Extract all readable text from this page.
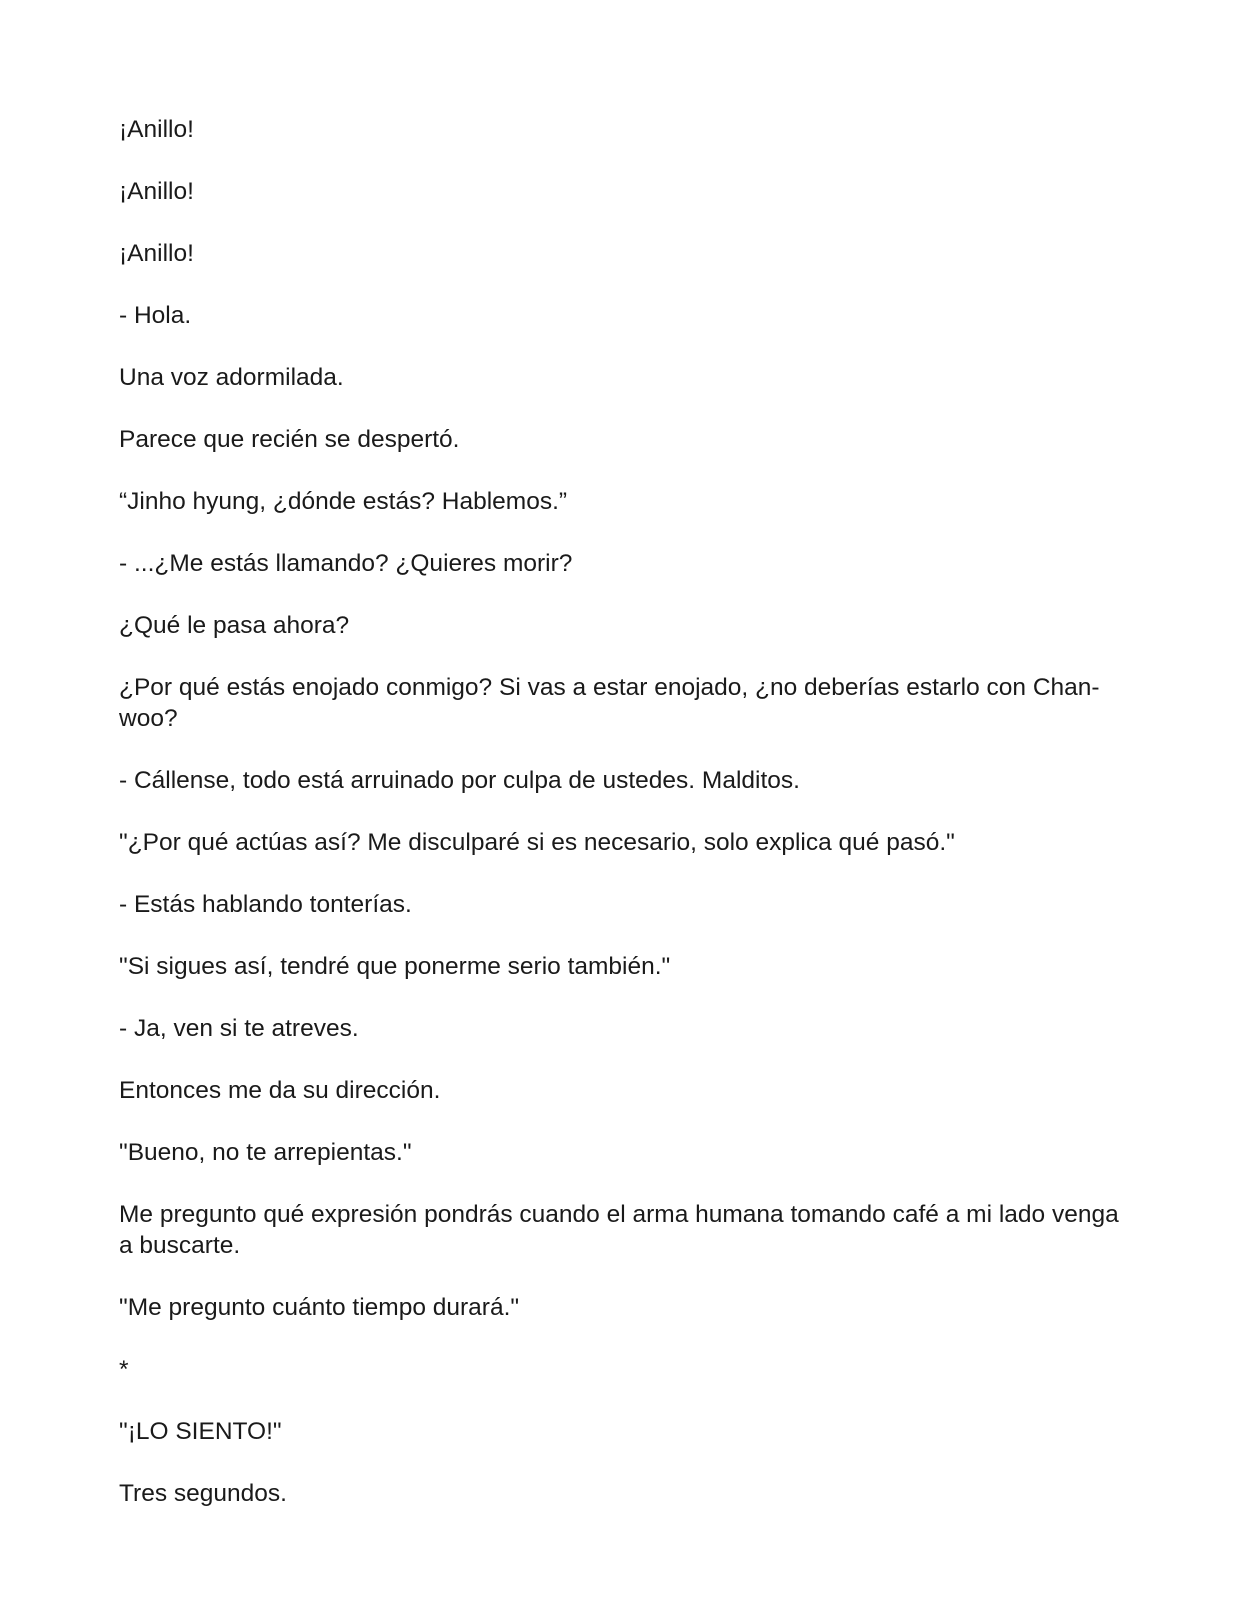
¡Anillo!

¡Anillo!

¡Anillo!

- Hola.

Una voz adormilada.

Parece que recién se despertó.

“Jinho hyung, ¿dónde estás? Hablemos.”

- ...¿Me estás llamando? ¿Quieres morir?

¿Qué le pasa ahora?

¿Por qué estás enojado conmigo? Si vas a estar enojado, ¿no deberías estarlo con Chan-woo?

- Cállense, todo está arruinado por culpa de ustedes. Malditos.

"¿Por qué actúas así? Me disculparé si es necesario, solo explica qué pasó."

- Estás hablando tonterías.

"Si sigues así, tendré que ponerme serio también."

- Ja, ven si te atreves.

Entonces me da su dirección.

"Bueno, no te arrepientas."

Me pregunto qué expresión pondrás cuando el arma humana tomando café a mi lado venga a buscarte.

"Me pregunto cuánto tiempo durará."

*

"¡LO SIENTO!"

Tres segundos.
